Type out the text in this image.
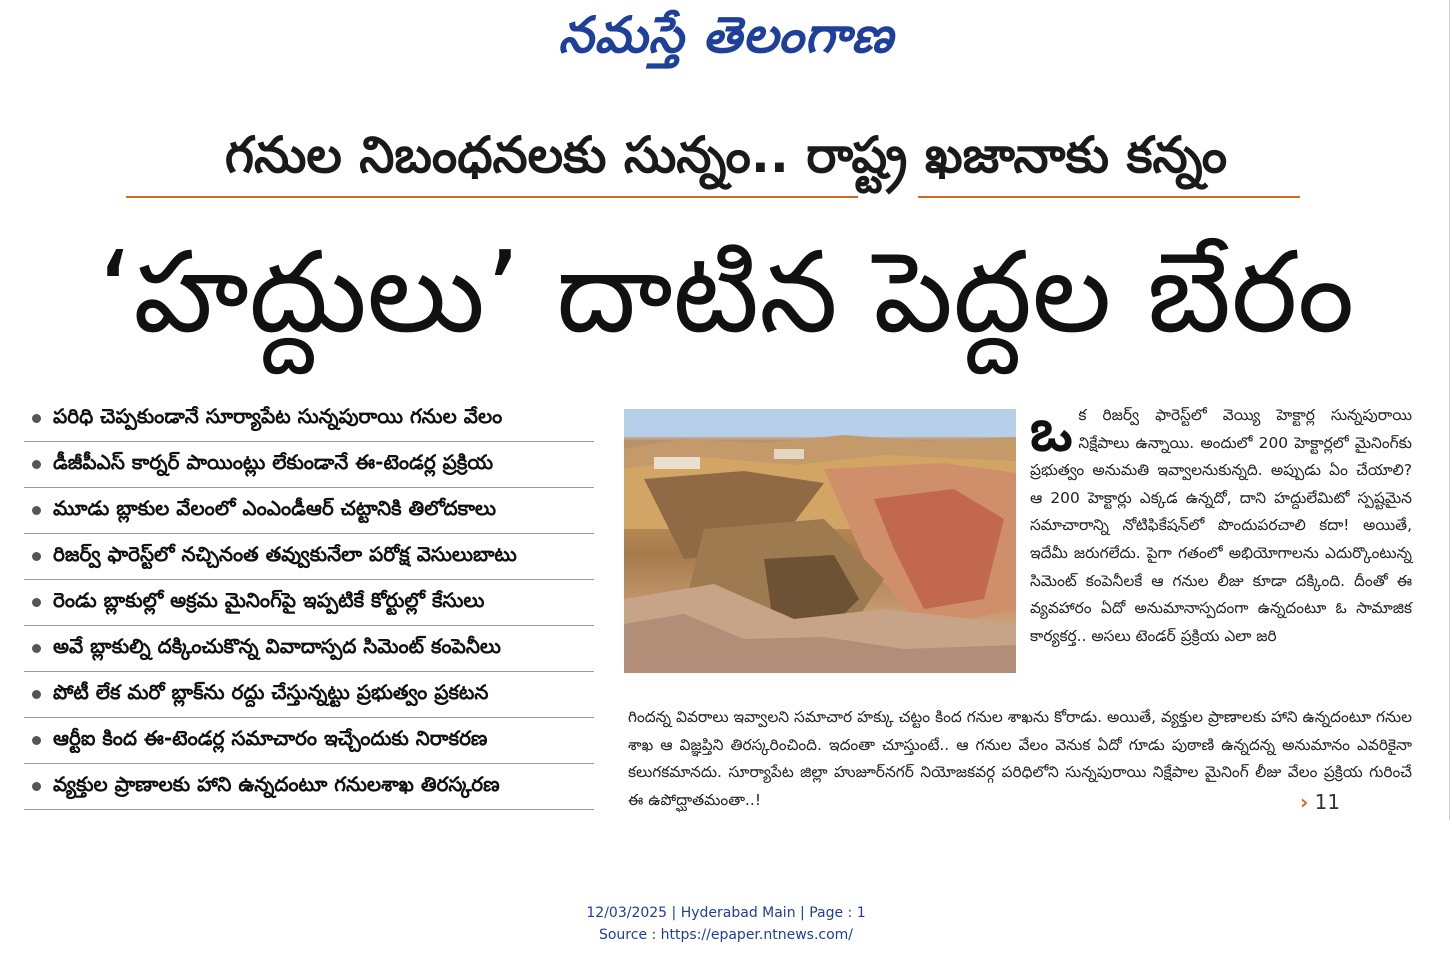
నమస్తే తెలంగాణ
గనుల నిబంధనలకు సున్నం.. రాష్ట్ర ఖజానాకు కన్నం
‘హద్దులు’ దాటిన పెద్దల బేరం
పరిధి చెప్పకుండానే సూర్యాపేట సున్నపురాయి గనుల వేలం
డీజీపీఎస్ కార్నర్ పాయింట్లు లేకుండానే ఈ-టెండర్ల ప్రక్రియ
మూడు బ్లాకుల వేలంలో ఎంఎండీఆర్ చట్టానికి తిలోదకాలు
రిజర్వ్ ఫారెస్ట్‌లో నచ్చినంత తవ్వుకునేలా పరోక్ష వెసులుబాటు
రెండు బ్లాకుల్లో అక్రమ మైనింగ్‌పై ఇప్పటికే కోర్టుల్లో కేసులు
అవే బ్లాకుల్ని దక్కించుకొన్న వివాదాస్పద సిమెంట్ కంపెనీలు
పోటీ లేక మరో బ్లాక్‌ను రద్దు చేస్తున్నట్టు ప్రభుత్వం ప్రకటన
ఆర్టీఐ కింద ఈ-టెండర్ల సమాచారం ఇచ్చేందుకు నిరాకరణ
వ్యక్తుల ప్రాణాలకు హాని ఉన్నదంటూ గనులశాఖ తిరస్కరణ
ఒక రిజర్వ్ ఫారెస్ట్‌లో వెయ్యి హెక్టార్ల సున్నపురాయి నిక్షేపాలు ఉన్నాయి. అందులో 200 హెక్టార్లలో మైనింగ్‌కు ప్రభుత్వం అనుమతి ఇవ్వాలనుకున్నది. అప్పుడు ఏం చేయాలి? ఆ 200 హెక్టార్లు ఎక్కడ ఉన్నదో, దాని హద్దులేమిటో స్పష్టమైన సమాచారాన్ని నోటిఫికేషన్‌లో పొందుపరచాలి కదా! అయితే, ఇదేమీ జరుగలేదు. పైగా గతంలో అభియోగాలను ఎదుర్కొంటున్న సిమెంట్ కంపెనీలకే ఆ గనుల లీజు కూడా దక్కింది. దీంతో ఈ వ్యవహారం ఏదో అనుమానాస్పదంగా ఉన్నదంటూ ఓ సామాజిక కార్యకర్త.. అసలు టెండర్ ప్రక్రియ ఎలా జరి
గిందన్న వివరాలు ఇవ్వాలని సమాచార హక్కు చట్టం కింద గనుల శాఖను కోరాడు. అయితే, వ్యక్తుల ప్రాణాలకు హాని ఉన్నదంటూ గనుల శాఖ ఆ విజ్ఞప్తిని తిరస్కరించింది. ఇదంతా చూస్తుంటే.. ఆ గనుల వేలం వెనుక ఏదో గూడు పుఠాణి ఉన్నదన్న అనుమానం ఎవరికైనా కలుగకమానదు. సూర్యాపేట జిల్లా హుజూర్‌నగర్ నియోజకవర్గ పరిధిలోని సున్నపురాయి నిక్షేపాల మైనింగ్ లీజు వేలం ప్రక్రియ గురించే ఈ ఉపోద్ఘాతమంతా..!	› 11
12/03/2025 | Hyderabad Main | Page : 1
Source : https://epaper.ntnews.com/
